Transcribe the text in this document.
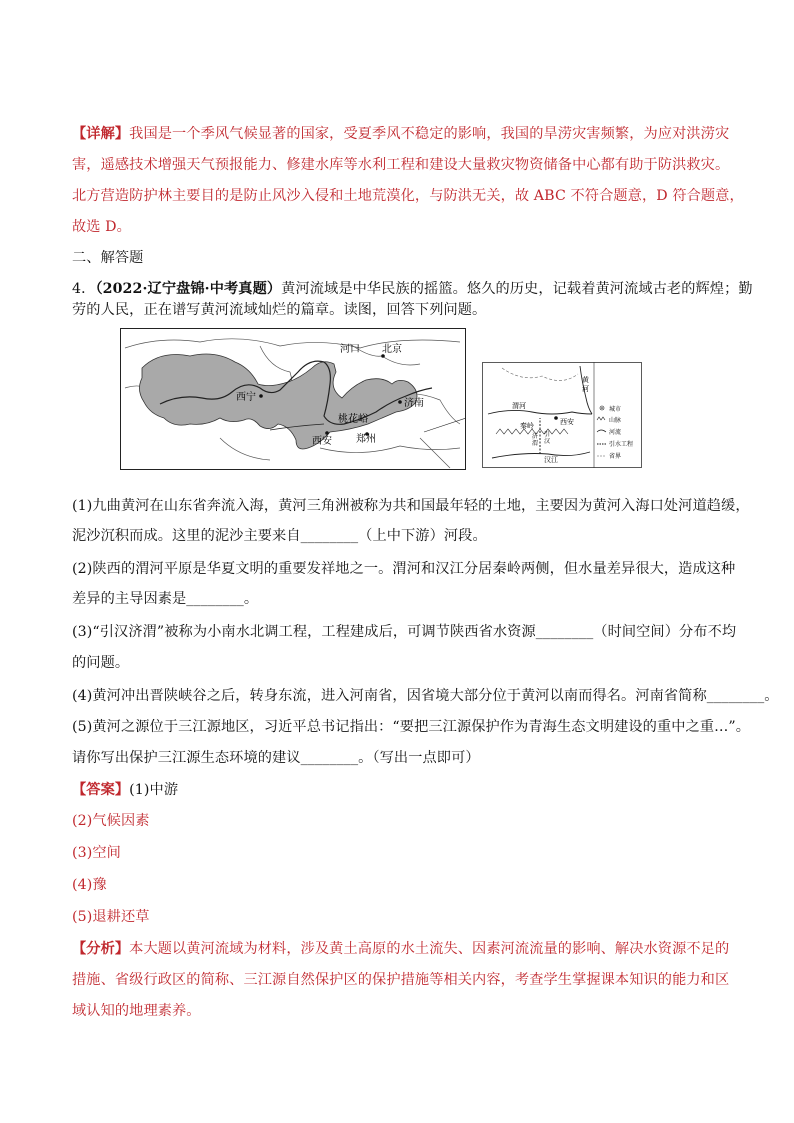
【详解】我国是一个季风气候显著的国家，受夏季风不稳定的影响，我国的旱涝灾害频繁，为应对洪涝灾
害，遥感技术增强天气预报能力、修建水库等水利工程和建设大量救灾物资储备中心都有助于防洪救灾。
北方营造防护林主要目的是防止风沙入侵和土地荒漠化，与防洪无关，故 ABC 不符合题意，D 符合题意，
故选 D。
二、解答题
4．（2022·辽宁盘锦·中考真题）黄河流域是中华民族的摇篮。悠久的历史，记载着黄河流域古老的辉煌；勤
劳的人民，正在谱写黄河流域灿烂的篇章。读图，回答下列问题。
河口 北京
西宁
济南
桃花峪
西安 郑州
黄
河
渭河
秦岭	西安
引
汉
济
渭
汉江
城市
山脉
河流
引水工程
省界
(1)九曲黄河在山东省奔流入海，黄河三角洲被称为共和国最年轻的土地，主要因为黄河入海口处河道趋缓，
泥沙沉积而成。这里的泥沙主要来自________（上中下游）河段。
(2)陕西的渭河平原是华夏文明的重要发祥地之一。渭河和汉江分居秦岭两侧，但水量差异很大，造成这种
差异的主导因素是________。
(3)“引汉济渭”被称为小南水北调工程，工程建成后，可调节陕西省水资源________（时间空间）分布不均
的问题。
(4)黄河冲出晋陕峡谷之后，转身东流，进入河南省，因省境大部分位于黄河以南而得名。河南省简称________。
(5)黄河之源位于三江源地区，习近平总书记指出：“要把三江源保护作为青海生态文明建设的重中之重…”。
请你写出保护三江源生态环境的建议________。（写出一点即可）
【答案】(1)中游
(2)气候因素
(3)空间
(4)豫
(5)退耕还草
【分析】本大题以黄河流域为材料，涉及黄土高原的水土流失、因素河流流量的影响、解决水资源不足的
措施、省级行政区的简称、三江源自然保护区的保护措施等相关内容，考查学生掌握课本知识的能力和区
域认知的地理素养。
